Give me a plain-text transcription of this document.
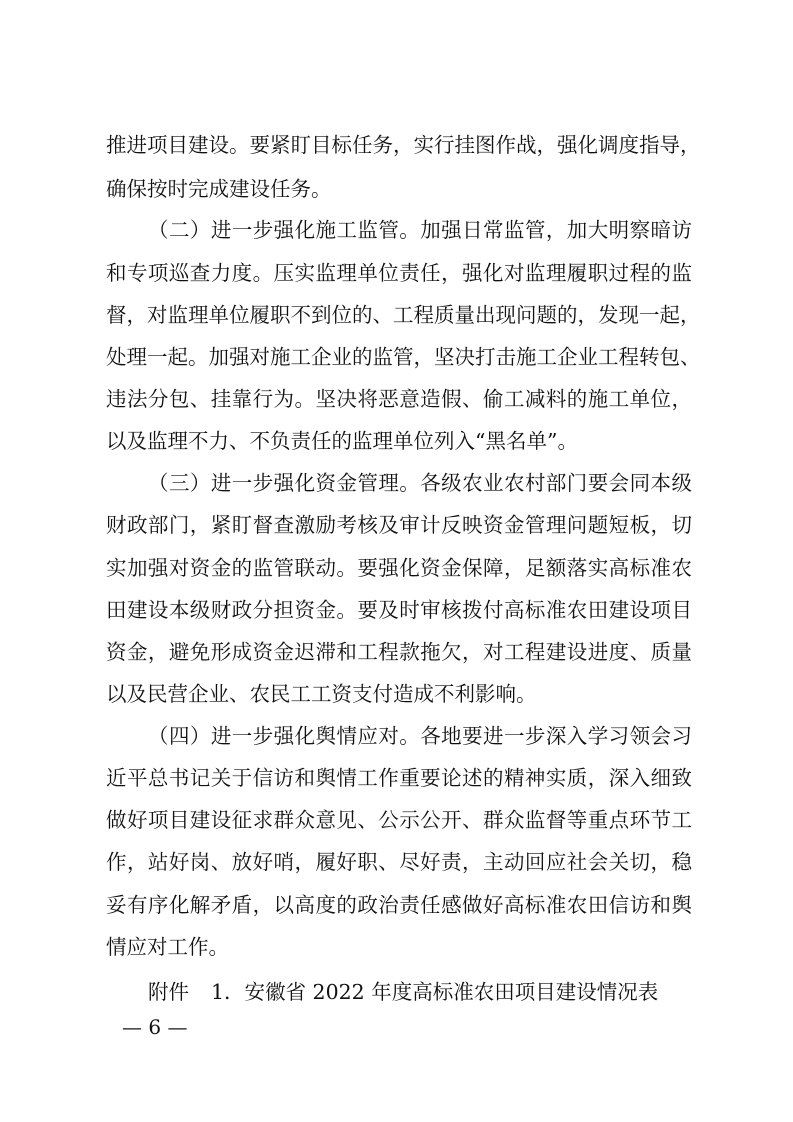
推进项目建设。要紧盯目标任务，实行挂图作战，强化调度指导，
确保按时完成建设任务。
（二）进一步强化施工监管。加强日常监管，加大明察暗访
和专项巡查力度。压实监理单位责任，强化对监理履职过程的监
督，对监理单位履职不到位的、工程质量出现问题的，发现一起，
处理一起。加强对施工企业的监管，坚决打击施工企业工程转包、
违法分包、挂靠行为。坚决将恶意造假、偷工减料的施工单位，
以及监理不力、不负责任的监理单位列入“黑名单”。
（三）进一步强化资金管理。各级农业农村部门要会同本级
财政部门，紧盯督查激励考核及审计反映资金管理问题短板，切
实加强对资金的监管联动。要强化资金保障，足额落实高标准农
田建设本级财政分担资金。要及时审核拨付高标准农田建设项目
资金，避免形成资金迟滞和工程款拖欠，对工程建设进度、质量
以及民营企业、农民工工资支付造成不利影响。
（四）进一步强化舆情应对。各地要进一步深入学习领会习
近平总书记关于信访和舆情工作重要论述的精神实质，深入细致
做好项目建设征求群众意见、公示公开、群众监督等重点环节工
作，站好岗、放好哨，履好职、尽好责，主动回应社会关切，稳
妥有序化解矛盾，以高度的政治责任感做好高标准农田信访和舆
情应对工作。
附件 1．安徽省 2022 年度高标准农田项目建设情况表
— 6 —
